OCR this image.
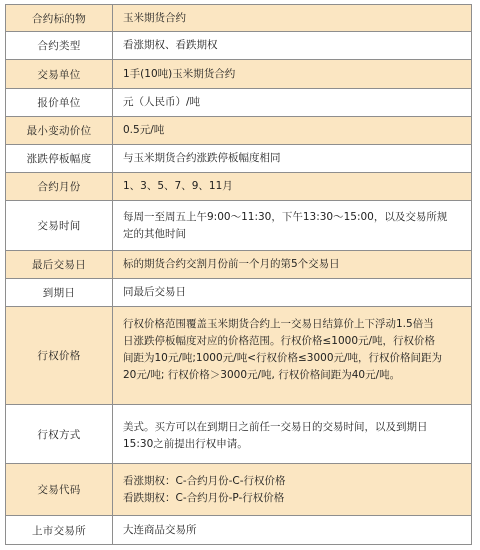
合约标的物	玉米期货合约
合约类型	看涨期权、看跌期权
交易单位	1手(10吨)玉米期货合约
报价单位	元（人民币）/吨
最小变动价位	0.5元/吨
涨跌停板幅度	与玉米期货合约涨跌停板幅度相同
合约月份	1、3、5、7、9、11月
交易时间	每周一至周五上午9:00～11:30，下午13:30～15:00，以及交易所规
定的其他时间

最后交易日	标的期货合约交割月份前一个月的第5个交易日
到期日	同最后交易日
行权价格	行权价格范围覆盖玉米期货合约上一交易日结算价上下浮动1.5倍当
日涨跌停板幅度对应的价格范围。行权价格≤1000元/吨，行权价格
间距为10元/吨;1000元/吨<行权价格≤3000元/吨，行权价格间距为
20元/吨; 行权价格＞3000元/吨, 行权价格间距为40元/吨。

行权方式	美式。买方可以在到期日之前任一交易日的交易时间，以及到期日
15:30之前提出行权申请。

交易代码	看涨期权：C-合约月份-C-行权价格
看跌期权：C-合约月份-P-行权价格

上市交易所	大连商品交易所
